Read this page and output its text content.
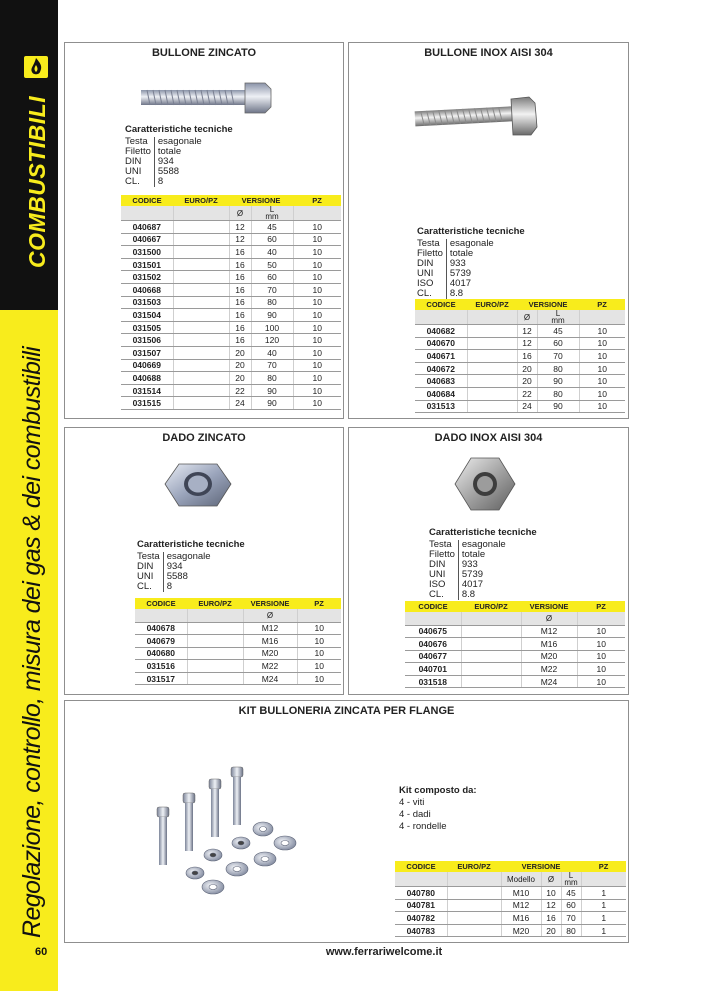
COMBUSTIBILI
Regolazione, controllo, misura dei gas & dei combustibili
60
BULLONE ZINCATO
Caratteristiche tecniche
Testa	esagonale
Filetto	totale
DIN	934
UNI	5588
CL.	8
CODICE	EURO/PZ	VERSIONE		PZ
		Ø	L
mm	
040687		12	45	10
040667		12	60	10
031500		16	40	10
031501		16	50	10
031502		16	60	10
040668		16	70	10
031503		16	80	10
031504		16	90	10
031505		16	100	10
031506		16	120	10
031507		20	40	10
040669		20	70	10
040688		20	80	10
031514		22	90	10
031515		24	90	10
BULLONE INOX AISI 304
Caratteristiche tecniche
Testa	esagonale
Filetto	totale
DIN	933
UNI	5739
ISO	4017
CL.	8.8
CODICE	EURO/PZ	VERSIONE		PZ
		Ø	L
mm	
040682		12	45	10
040670		12	60	10
040671		16	70	10
040672		20	80	10
040683		20	90	10
040684		22	80	10
031513		24	90	10
DADO ZINCATO
Caratteristiche tecniche
Testa	esagonale
DIN	934
UNI	5588
CL.	8
CODICE	EURO/PZ	VERSIONE	PZ
		Ø	
040678		M12	10
040679		M16	10
040680		M20	10
031516		M22	10
031517		M24	10
DADO INOX AISI 304
Caratteristiche tecniche
Testa	esagonale
Filetto	totale
DIN	933
UNI	5739
ISO	4017
CL.	8.8
CODICE	EURO/PZ	VERSIONE	PZ
		Ø	
040675		M12	10
040676		M16	10
040677		M20	10
040701		M22	10
031518		M24	10
KIT BULLONERIA ZINCATA PER FLANGE
Kit composto da:
4 - viti
4 - dadi
4 - rondelle
CODICE	EURO/PZ	VERSIONE			PZ
		Modello	Ø	L
mm	
040780		M10	10	45	1
040781		M12	12	60	1
040782		M16	16	70	1
040783		M20	20	80	1
www.ferrariwelcome.it
